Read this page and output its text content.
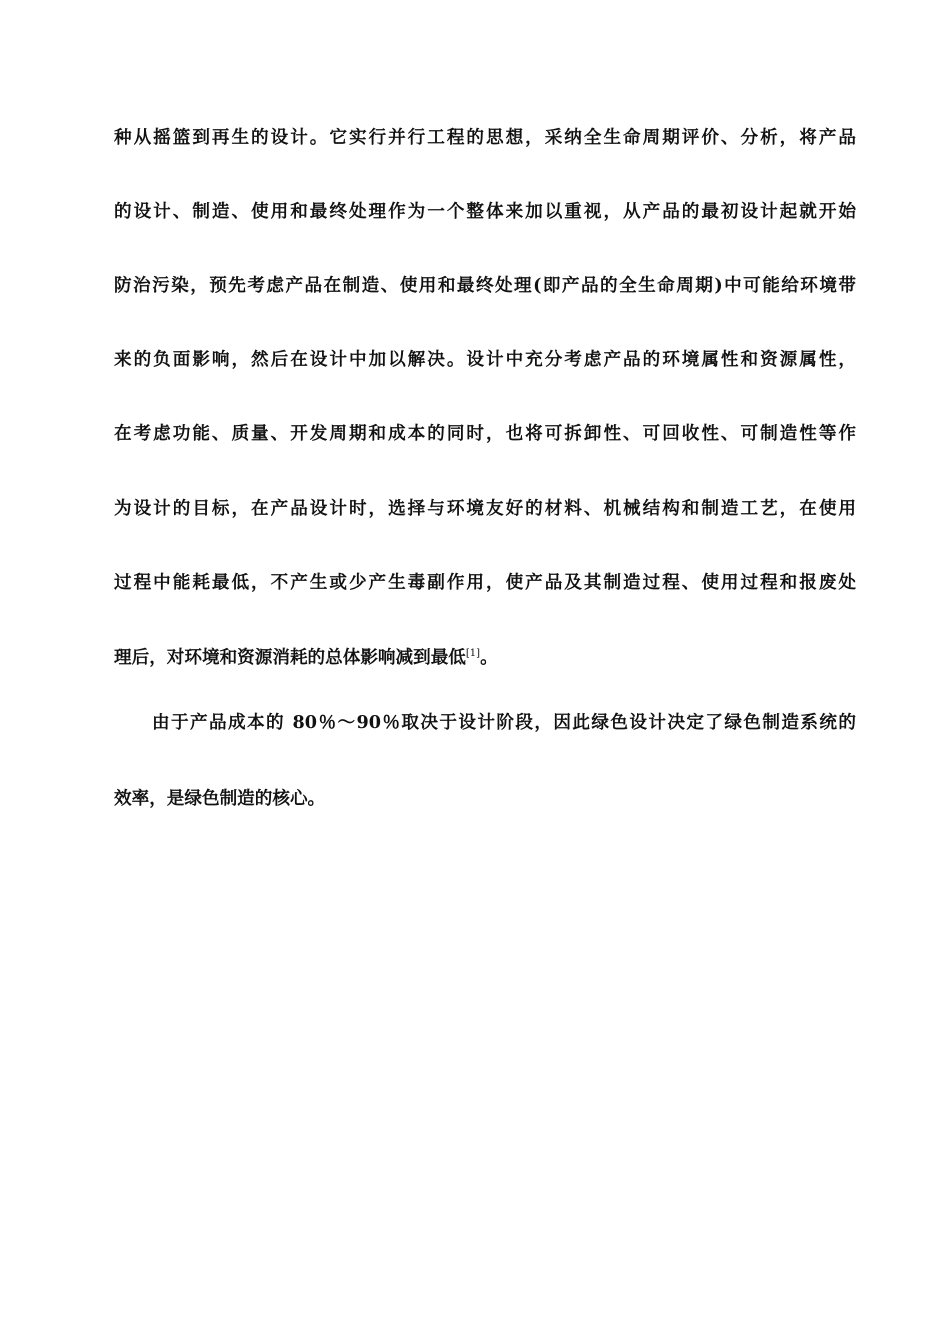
种从摇篮到再生的设计。它实行并行工程的思想，采纳全生命周期评价、分析，将产品
的设计、制造、使用和最终处理作为一个整体来加以重视，从产品的最初设计起就开始
防治污染，预先考虑产品在制造、使用和最终处理(即产品的全生命周期)中可能给环境带
来的负面影响，然后在设计中加以解决。设计中充分考虑产品的环境属性和资源属性，
在考虑功能、质量、开发周期和成本的同时，也将可拆卸性、可回收性、可制造性等作
为设计的目标，在产品设计时，选择与环境友好的材料、机械结构和制造工艺，在使用
过程中能耗最低，不产生或少产生毒副作用，使产品及其制造过程、使用过程和报废处
理后，对环境和资源消耗的总体影响减到最低[1]。
由于产品成本的 80％～90％取决于设计阶段，因此绿色设计决定了绿色制造系统的
效率，是绿色制造的核心。
